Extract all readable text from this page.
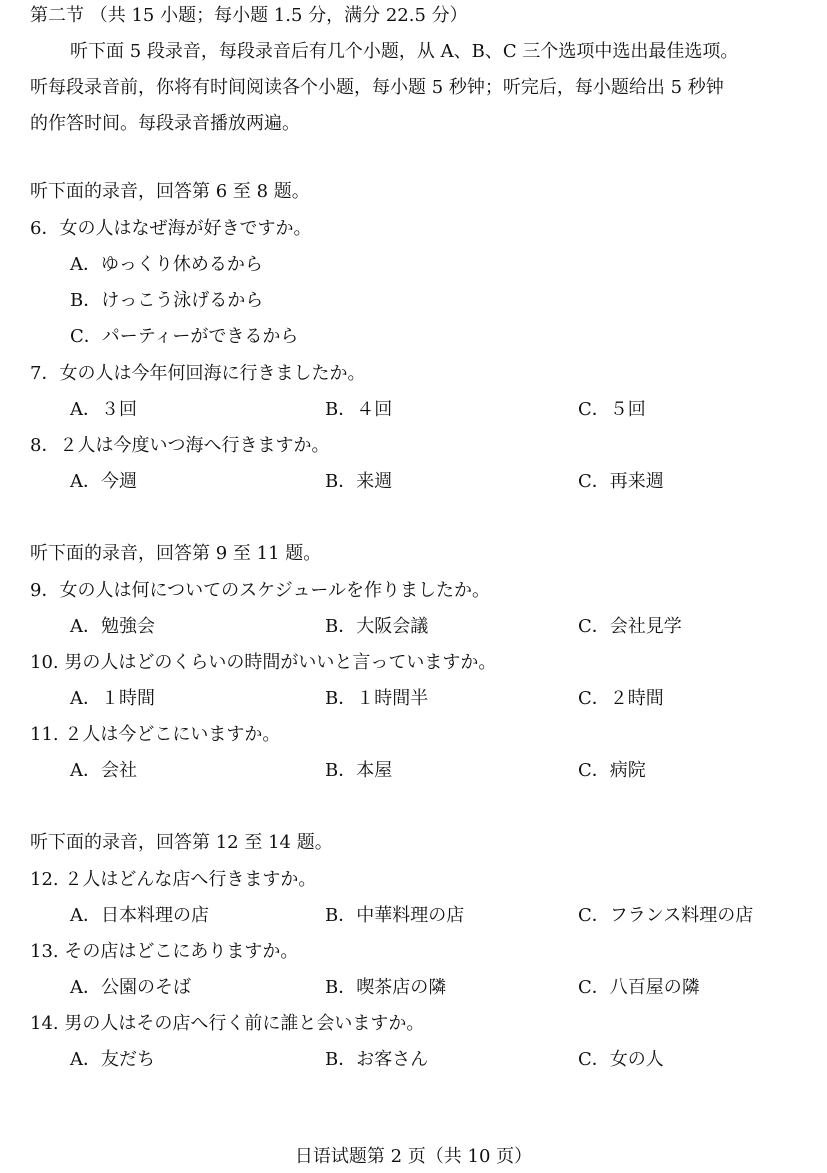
第二节 （共 15 小题；每小题 1.5 分，满分 22.5 分）
听下面 5 段录音，每段录音后有几个小题，从 A、B、C 三个选项中选出最佳选项。
听每段录音前，你将有时间阅读各个小题，每小题 5 秒钟；听完后，每小题给出 5 秒钟
的作答时间。每段录音播放两遍。
听下面的录音，回答第 6 至 8 题。
6．女の人はなぜ海が好きですか。
A．ゆっくり休めるから
B．けっこう泳げるから
C．パーティーができるから
7．女の人は今年何回海に行きましたか。
A．３回	B．４回	C．５回
8．２人は今度いつ海へ行きますか。
A．今週	B．来週	C．再来週
听下面的录音，回答第 9 至 11 题。
9．女の人は何についてのスケジュールを作りましたか。
A．勉強会	B．大阪会議	C．会社見学
10. 男の人はどのくらいの時間がいいと言っていますか。
A．１時間	B．１時間半	C．２時間
11. ２人は今どこにいますか。
A．会社	B．本屋	C．病院
听下面的录音，回答第 12 至 14 题。
12. ２人はどんな店へ行きますか。
A．日本料理の店	B．中華料理の店	C．フランス料理の店
13. その店はどこにありますか。
A．公園のそば	B．喫茶店の隣	C．八百屋の隣
14. 男の人はその店へ行く前に誰と会いますか。
A．友だち	B．お客さん	C．女の人
日语试题第 2 页（共 10 页）
